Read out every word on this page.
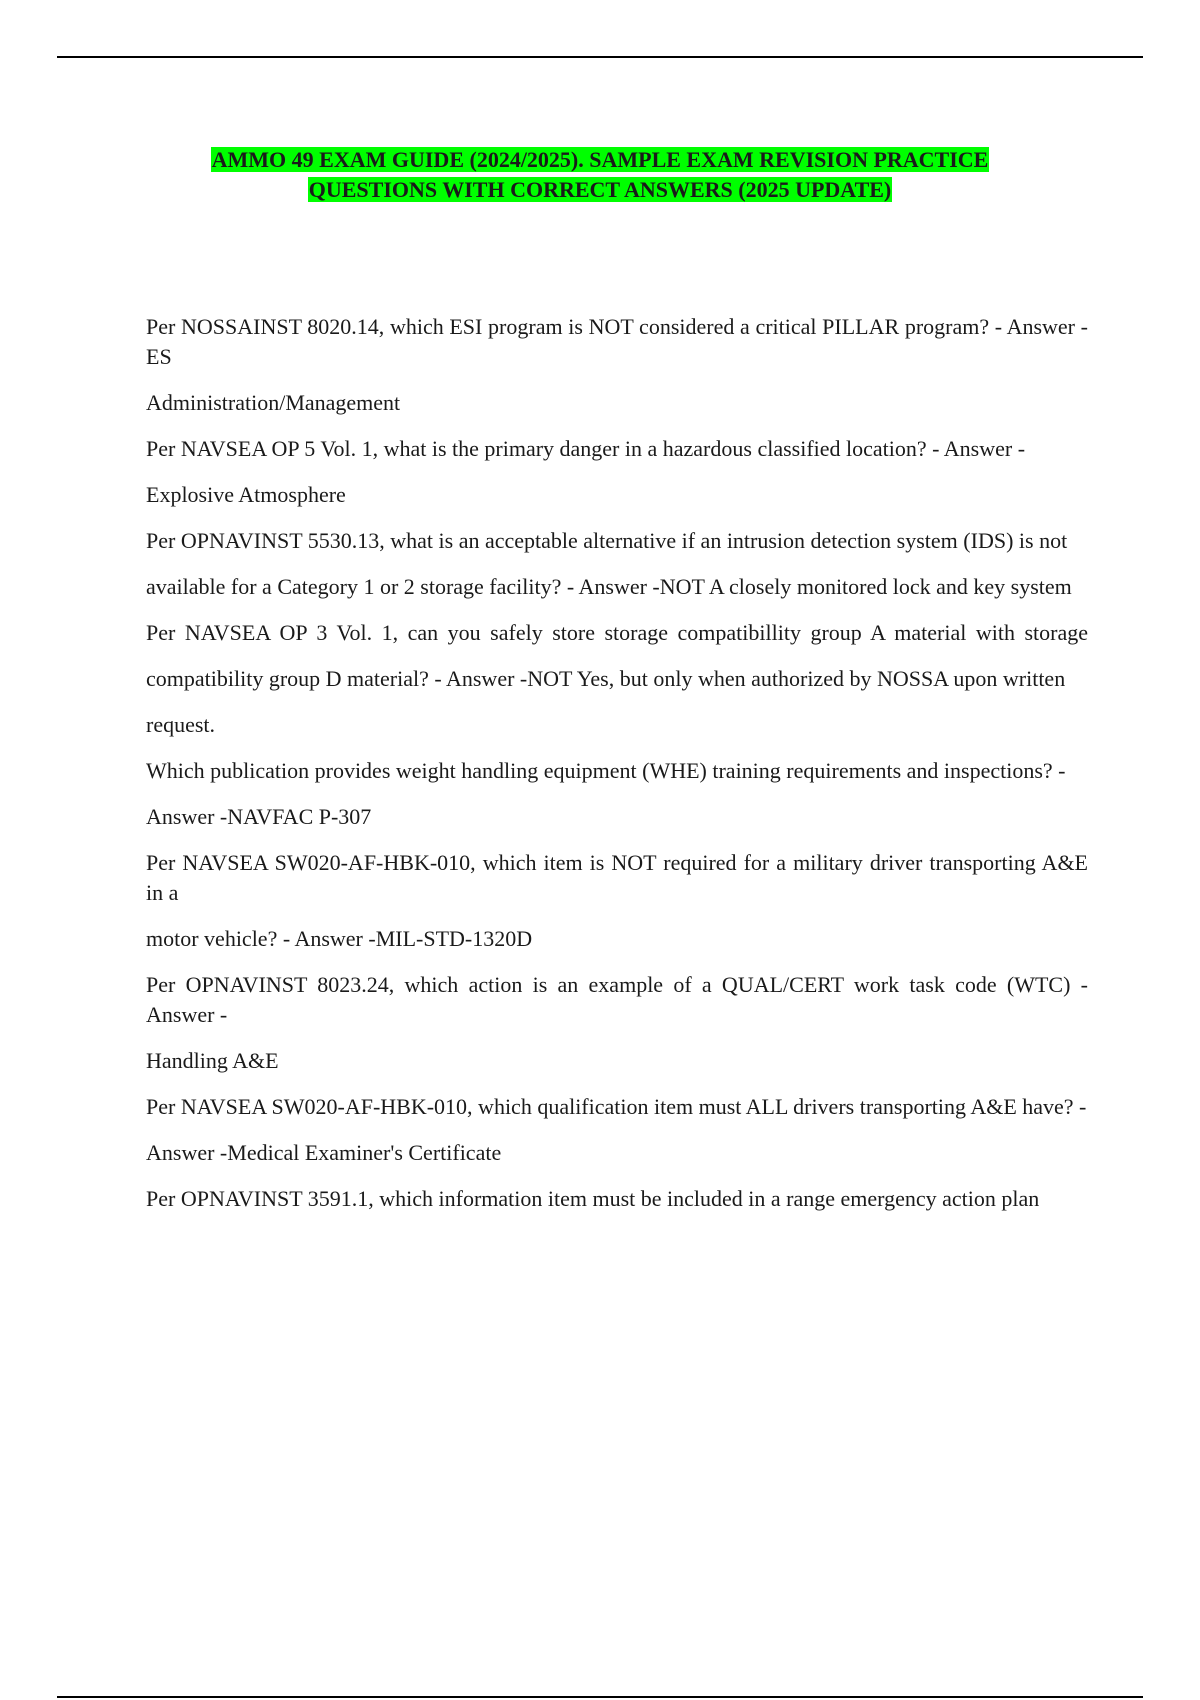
AMMO 49 EXAM GUIDE (2024/2025). SAMPLE EXAM REVISION PRACTICE
QUESTIONS WITH CORRECT ANSWERS (2025 UPDATE)

Per NOSSAINST 8020.14, which ESI program is NOT considered a critical PILLAR program? - Answer -ES

Administration/Management

Per NAVSEA OP 5 Vol. 1, what is the primary danger in a hazardous classified location? - Answer -

Explosive Atmosphere

Per OPNAVINST 5530.13, what is an acceptable alternative if an intrusion detection system (IDS) is not

available for a Category 1 or 2 storage facility? - Answer -NOT A closely monitored lock and key system

Per NAVSEA OP 3 Vol. 1, can you safely store storage compatibillity group A material with storage

compatibility group D material? - Answer -NOT Yes, but only when authorized by NOSSA upon written

request.

Which publication provides weight handling equipment (WHE) training requirements and inspections? -

Answer -NAVFAC P-307

Per NAVSEA SW020-AF-HBK-010, which item is NOT required for a military driver transporting A&E in a

motor vehicle? - Answer -MIL-STD-1320D

Per OPNAVINST 8023.24, which action is an example of a QUAL/CERT work task code (WTC) - Answer -

Handling A&E

Per NAVSEA SW020-AF-HBK-010, which qualification item must ALL drivers transporting A&E have? -

Answer -Medical Examiner's Certificate

Per OPNAVINST 3591.1, which information item must be included in a range emergency action plan
